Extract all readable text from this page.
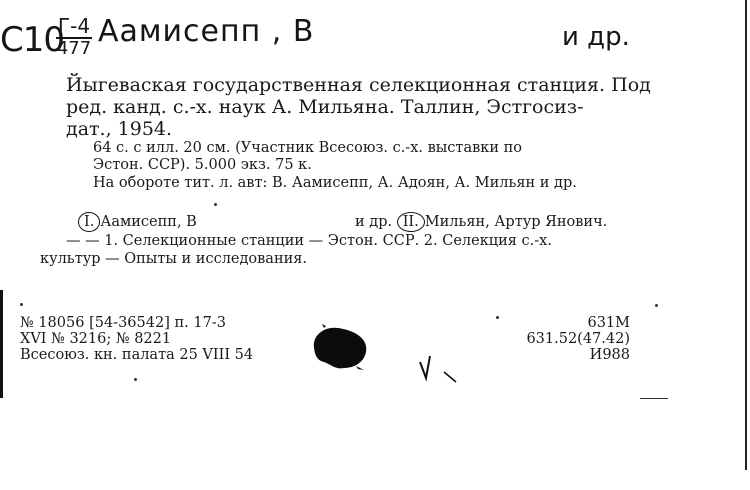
C10
Г-4
477 Аамисепп , В	и др.
Йыгеваская государственная селекционная станция. Под
ред. канд. с.-х. наук А. Мильяна. Таллин, Эстгосиз-
дат., 1954.
64 с. с илл. 20 см. (Участник Всесоюз. с.-х. выставки по
Эстон. ССР). 5.000 экз. 75 к.
На обороте тит. л. авт: В. Аамисепп, А. Адоян, А. Мильян и др.
I. Аамисепп, В	и др. II. Мильян, Артур Янович.
— — 1. Селекционные станции — Эстон. ССР. 2. Селекция с.-х.
культур — Опыты и исследования.
№ 18056 [54-36542] п. 17-3
XVI № 3216; № 8221
Всесоюз. кн. палата 25 VIII 54
631М
631.52(47.42)
И988
